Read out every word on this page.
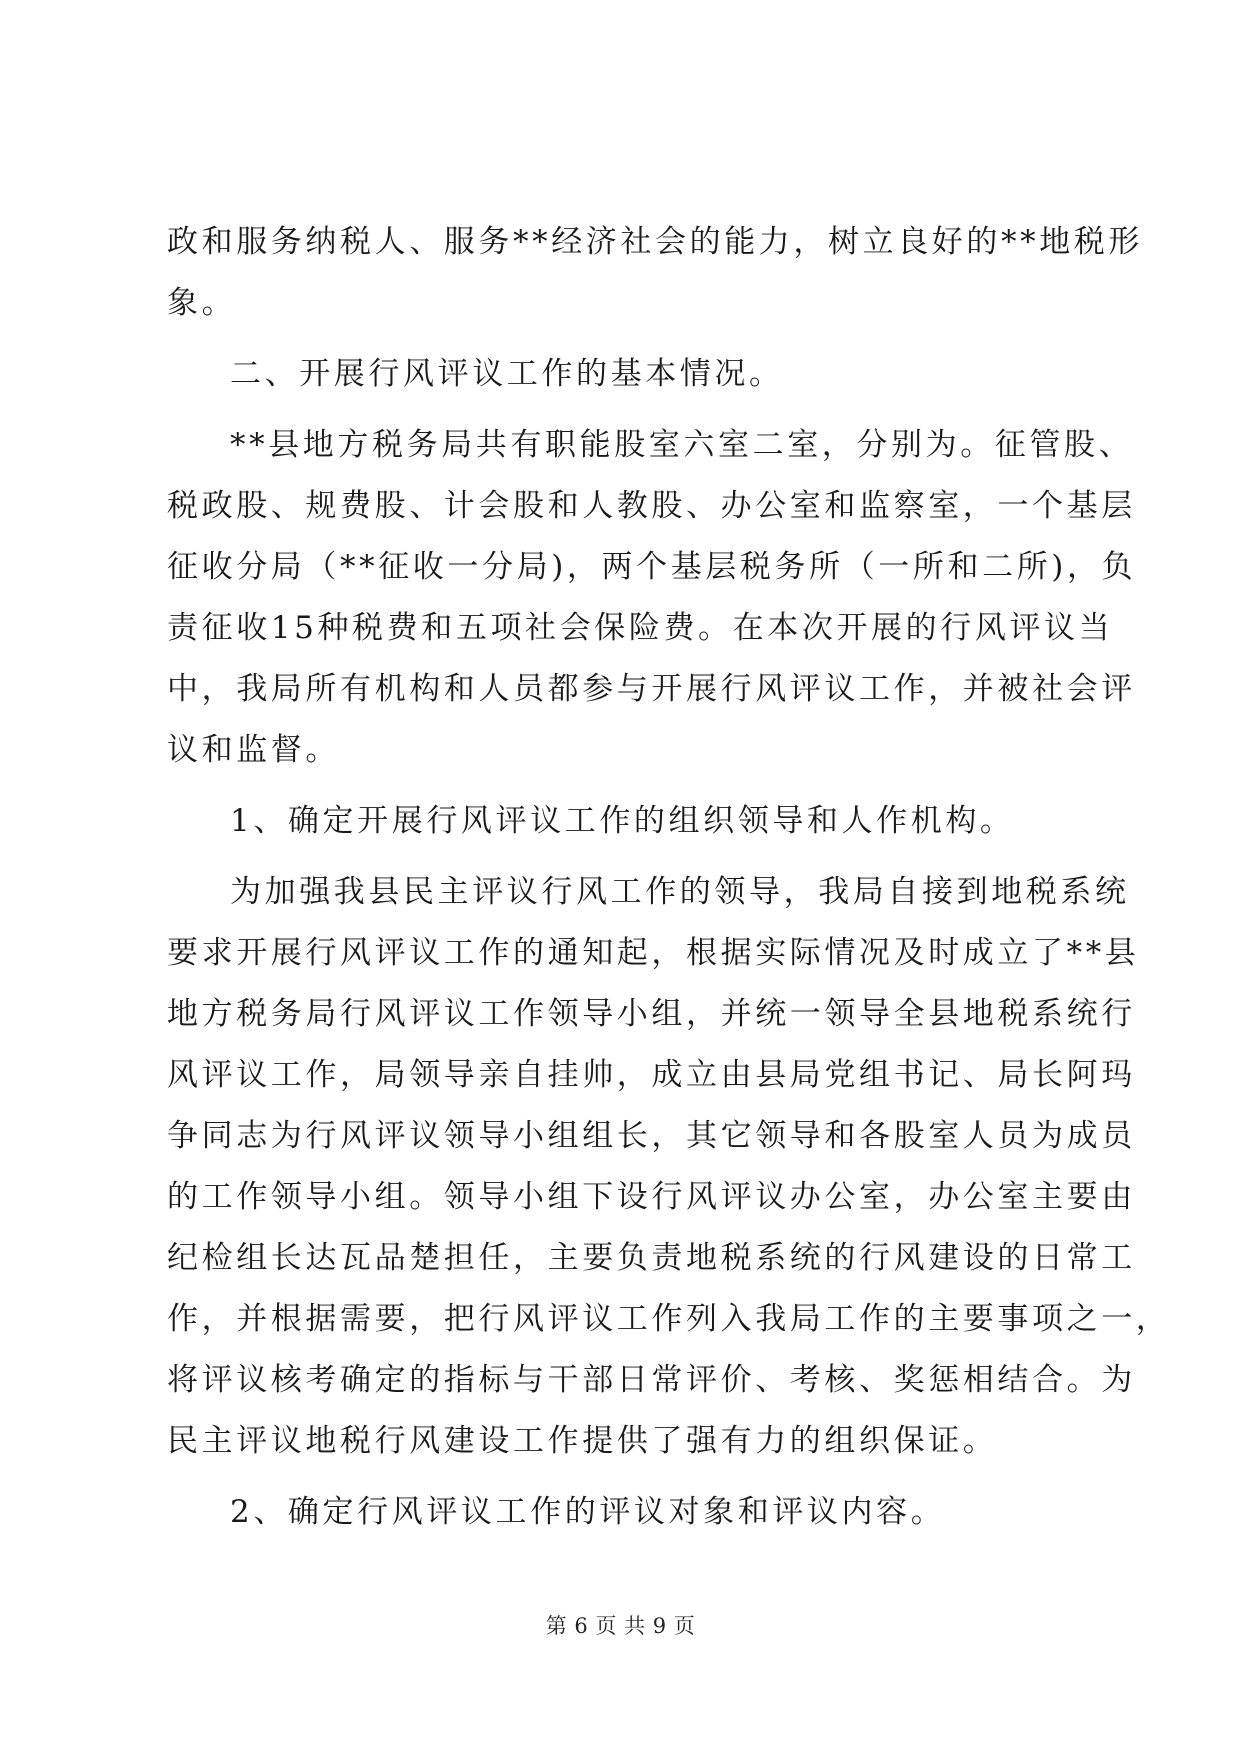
政和服务纳税人、服务**经济社会的能力，树立良好的**地税形
象。
二、开展行风评议工作的基本情况。
**县地方税务局共有职能股室六室二室，分别为。征管股、
税政股、规费股、计会股和人教股、办公室和监察室，一个基层
征收分局（**征收一分局)，两个基层税务所（一所和二所)，负
责征收15种税费和五项社会保险费。在本次开展的行风评议当
中，我局所有机构和人员都参与开展行风评议工作，并被社会评
议和监督。
1、确定开展行风评议工作的组织领导和人作机构。
为加强我县民主评议行风工作的领导，我局自接到地税系统
要求开展行风评议工作的通知起，根据实际情况及时成立了**县
地方税务局行风评议工作领导小组，并统一领导全县地税系统行
风评议工作，局领导亲自挂帅，成立由县局党组书记、局长阿玛
争同志为行风评议领导小组组长，其它领导和各股室人员为成员
的工作领导小组。领导小组下设行风评议办公室，办公室主要由
纪检组长达瓦品楚担任，主要负责地税系统的行风建设的日常工
作，并根据需要，把行风评议工作列入我局工作的主要事项之一，
将评议核考确定的指标与干部日常评价、考核、奖惩相结合。为
民主评议地税行风建设工作提供了强有力的组织保证。
2、确定行风评议工作的评议对象和评议内容。
第 6 页 共 9 页
